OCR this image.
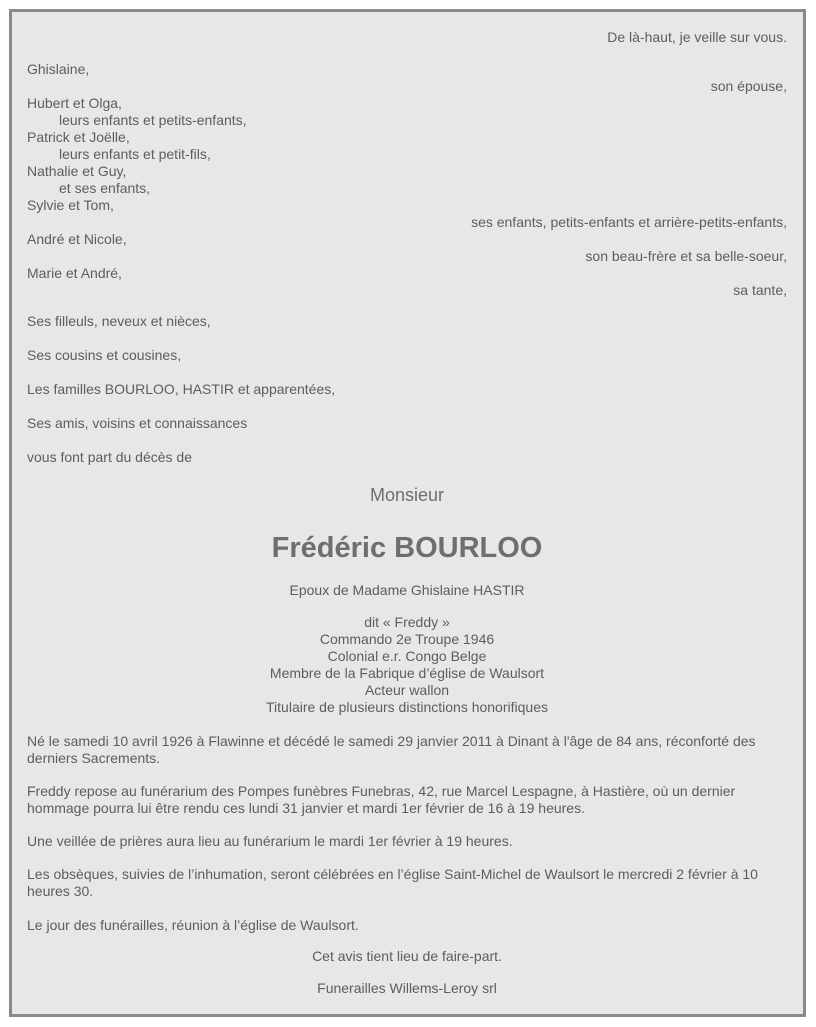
De là-haut, je veille sur vous.

Ghislaine,

son épouse,

Hubert et Olga,

leurs enfants et petits-enfants,

Patrick et Joëlle,

leurs enfants et petit-fils,

Nathalie et Guy,

et ses enfants,

Sylvie et Tom,

ses enfants, petits-enfants et arrière-petits-enfants,

André et Nicole,

son beau-frère et sa belle-soeur,

Marie et André,

sa tante,

Ses filleuls, neveux et nièces,

Ses cousins et cousines,

Les familles BOURLOO, HASTIR et apparentées,

Ses amis, voisins et connaissances

vous font part du décès de

Monsieur

Frédéric BOURLOO

Epoux de Madame Ghislaine HASTIR

dit « Freddy »

Commando 2e Troupe 1946

Colonial e.r. Congo Belge

Membre de la Fabrique d’église de Waulsort

Acteur wallon

Titulaire de plusieurs distinctions honorifiques

Né le samedi 10 avril 1926 à Flawinne et décédé le samedi 29 janvier 2011 à Dinant à l'âge de 84 ans, réconforté des derniers Sacrements.

Freddy repose au funérarium des Pompes funèbres Funebras, 42, rue Marcel Lespagne, à Hastière, où un dernier hommage pourra lui être rendu ces lundi 31 janvier et mardi 1er février de 16 à 19 heures.

Une veillée de prières aura lieu au funérarium le mardi 1er février à 19 heures.

Les obsèques, suivies de l’inhumation, seront célébrées en l’église Saint-Michel de Waulsort le mercredi 2 février à 10 heures 30.

Le jour des funérailles, réunion à l’église de Waulsort.

Cet avis tient lieu de faire-part.

Funerailles Willems-Leroy srl
